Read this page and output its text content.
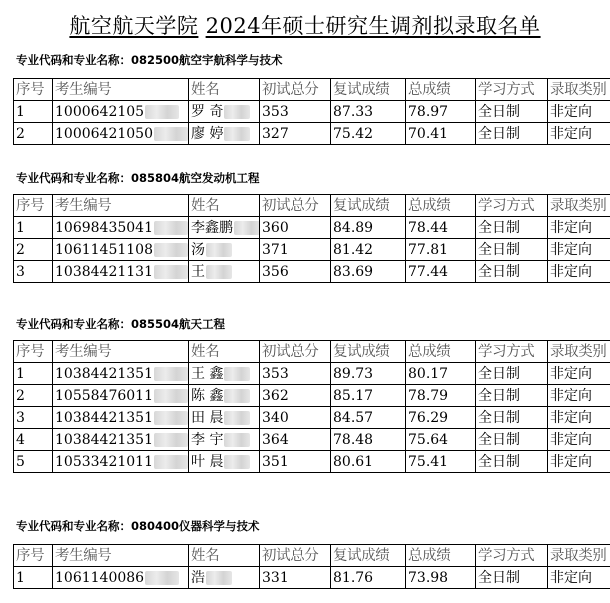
航空航天学院 2024年硕士研究生调剂拟录取名单
专业代码和专业名称：082500航空宇航科学与技术
序号	考生编号	姓名	初试总分	复试成绩	总成绩	学习方式	录取类别
1	1000642105	罗 奇	353	87.33	78.97	全日制	非定向
2	10006421050	廖 婷	327	75.42	70.41	全日制	非定向
专业代码和专业名称：085804航空发动机工程
序号	考生编号	姓名	初试总分	复试成绩	总成绩	学习方式	录取类别
1	10698435041	李鑫鹏	360	84.89	78.44	全日制	非定向
2	10611451108	汤	371	81.42	77.81	全日制	非定向
3	10384421131	王	356	83.69	77.44	全日制	非定向
专业代码和专业名称：085504航天工程
序号	考生编号	姓名	初试总分	复试成绩	总成绩	学习方式	录取类别
1	10384421351	王 鑫	353	89.73	80.17	全日制	非定向
2	10558476011	陈 鑫	362	85.17	78.79	全日制	非定向
3	10384421351	田 晨	340	84.57	76.29	全日制	非定向
4	10384421351	李 宇	364	78.48	75.64	全日制	非定向
5	10533421011	叶 晨	351	80.61	75.41	全日制	非定向
专业代码和专业名称：080400仪器科学与技术
序号	考生编号	姓名	初试总分	复试成绩	总成绩	学习方式	录取类别
1	1061140086	浩	331	81.76	73.98	全日制	非定向
